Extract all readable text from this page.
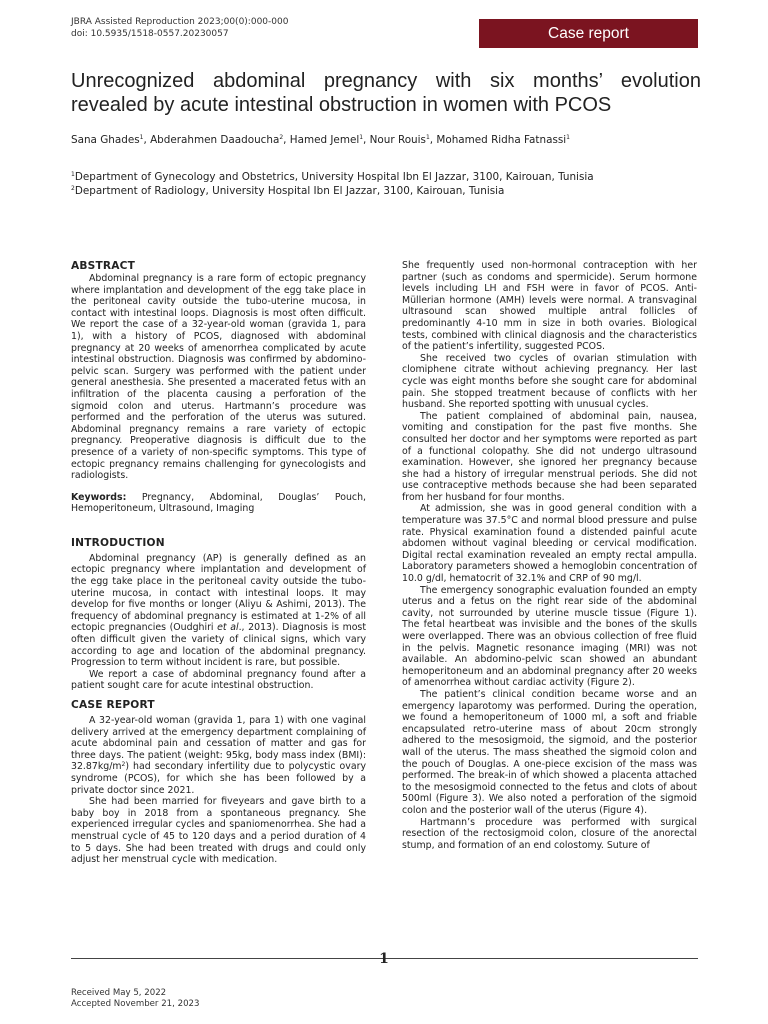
JBRA Assisted Reproduction 2023;00(0):000-000
doi: 10.5935/1518-0557.20230057	Case report
Unrecognized abdominal pregnancy with six months’ evolution revealed by acute intestinal obstruction in women with PCOS
Sana Ghades$^1$, Abderahmen Daadoucha$^2$, Hamed Jemel$^1$, Nour Rouis$^1$, Mohamed Ridha Fatnassi$^1$
$^1$Department of Gynecology and Obstetrics, University Hospital Ibn El Jazzar, 3100, Kairouan, Tunisia
$^2$Department of Radiology, University Hospital Ibn El Jazzar, 3100, Kairouan, Tunisia
ABSTRACT

Abdominal pregnancy is a rare form of ectopic pregnancy where implantation and development of the egg take place in the peritoneal cavity outside the tubo-uterine mucosa, in contact with intestinal loops. Diagnosis is most often difficult. We report the case of a 32-year-old woman (gravida 1, para 1), with a history of PCOS, diagnosed with abdominal pregnancy at 20 weeks of amenorrhea complicated by acute intestinal obstruction. Diagnosis was confirmed by abdomino-pelvic scan. Surgery was performed with the patient under general anesthesia. She presented a macerated fetus with an infiltration of the placenta causing a perforation of the sigmoid colon and uterus. Hartmann’s procedure was performed and the perforation of the uterus was sutured. Abdominal pregnancy remains a rare variety of ectopic pregnancy. Preoperative diagnosis is difficult due to the presence of a variety of non-specific symptoms. This type of ectopic pregnancy remains challenging for gynecologists and radiologists.

Keywords: Pregnancy, Abdominal, Douglas’ Pouch, Hemoperitoneum, Ultrasound, Imaging

INTRODUCTION

Abdominal pregnancy (AP) is generally defined as an ectopic pregnancy where implantation and development of the egg take place in the peritoneal cavity outside the tubo-uterine mucosa, in contact with intestinal loops. It may develop for five months or longer (Aliyu & Ashimi, 2013). The frequency of abdominal pregnancy is estimated at 1-2% of all ectopic pregnancies (Oudghiri et al., 2013). Diagnosis is most often difficult given the variety of clinical signs, which vary according to age and location of the abdominal pregnancy. Progression to term without incident is rare, but possible.

We report a case of abdominal pregnancy found after a patient sought care for acute intestinal obstruction.

CASE REPORT

A 32-year-old woman (gravida 1, para 1) with one vaginal delivery arrived at the emergency department complaining of acute abdominal pain and cessation of matter and gas for three days. The patient (weight: 95kg, body mass index (BMI): $32.87kg/m^2$) had secondary infertility due to polycystic ovary syndrome (PCOS), for which she has been followed by a private doctor since 2021.

She had been married for fiveyears and gave birth to a baby boy in 2018 from a spontaneous pregnancy. She experienced irregular cycles and spaniomenorrhea. She had a menstrual cycle of 45 to 120 days and a period duration of 4 to 5 days. She had been treated with drugs and could only adjust her menstrual cycle with medication.

She frequently used non-hormonal contraception with her partner (such as condoms and spermicide). Serum hormone levels including LH and FSH were in favor of PCOS. Anti-Müllerian hormone (AMH) levels were normal. A transvaginal ultrasound scan showed multiple antral follicles of predominantly 4-10 mm in size in both ovaries. Biological tests, combined with clinical diagnosis and the characteristics of the patient’s infertility, suggested PCOS.

She received two cycles of ovarian stimulation with clomiphene citrate without achieving pregnancy. Her last cycle was eight months before she sought care for abdominal pain. She stopped treatment because of conflicts with her husband. She reported spotting with unusual cycles.

The patient complained of abdominal pain, nausea, vomiting and constipation for the past five months. She consulted her doctor and her symptoms were reported as part of a functional colopathy. She did not undergo ultrasound examination. However, she ignored her pregnancy because she had a history of irregular menstrual periods. She did not use contraceptive methods because she had been separated from her husband for four months.

At admission, she was in good general condition with a temperature was 37.5°C and normal blood pressure and pulse rate. Physical examination found a distended painful acute abdomen without vaginal bleeding or cervical modification. Digital rectal examination revealed an empty rectal ampulla. Laboratory parameters showed a hemoglobin concentration of 10.0 g/dl, hematocrit of 32.1% and CRP of 90 mg/l.

The emergency sonographic evaluation founded an empty uterus and a fetus on the right rear side of the abdominal cavity, not surrounded by uterine muscle tissue (Figure 1). The fetal heartbeat was invisible and the bones of the skulls were overlapped. There was an obvious collection of free fluid in the pelvis. Magnetic resonance imaging (MRI) was not available. An abdomino-pelvic scan showed an abundant hemoperitoneum and an abdominal pregnancy after 20 weeks of amenorrhea without cardiac activity (Figure 2).

The patient’s clinical condition became worse and an emergency laparotomy was performed. During the operation, we found a hemoperitoneum of 1000 ml, a soft and friable encapsulated retro-uterine mass of about 20cm strongly adhered to the mesosigmoid, the sigmoid, and the posterior wall of the uterus. The mass sheathed the sigmoid colon and the pouch of Douglas. A one-piece excision of the mass was performed. The break-in of which showed a placenta attached to the mesosigmoid connected to the fetus and clots of about 500ml (Figure 3). We also noted a perforation of the sigmoid colon and the posterior wall of the uterus (Figure 4).

Hartmann’s procedure was performed with surgical resection of the rectosigmoid colon, closure of the anorectal stump, and formation of an end colostomy. Suture of

1
Received May 5, 2022
Accepted November 21, 2023
